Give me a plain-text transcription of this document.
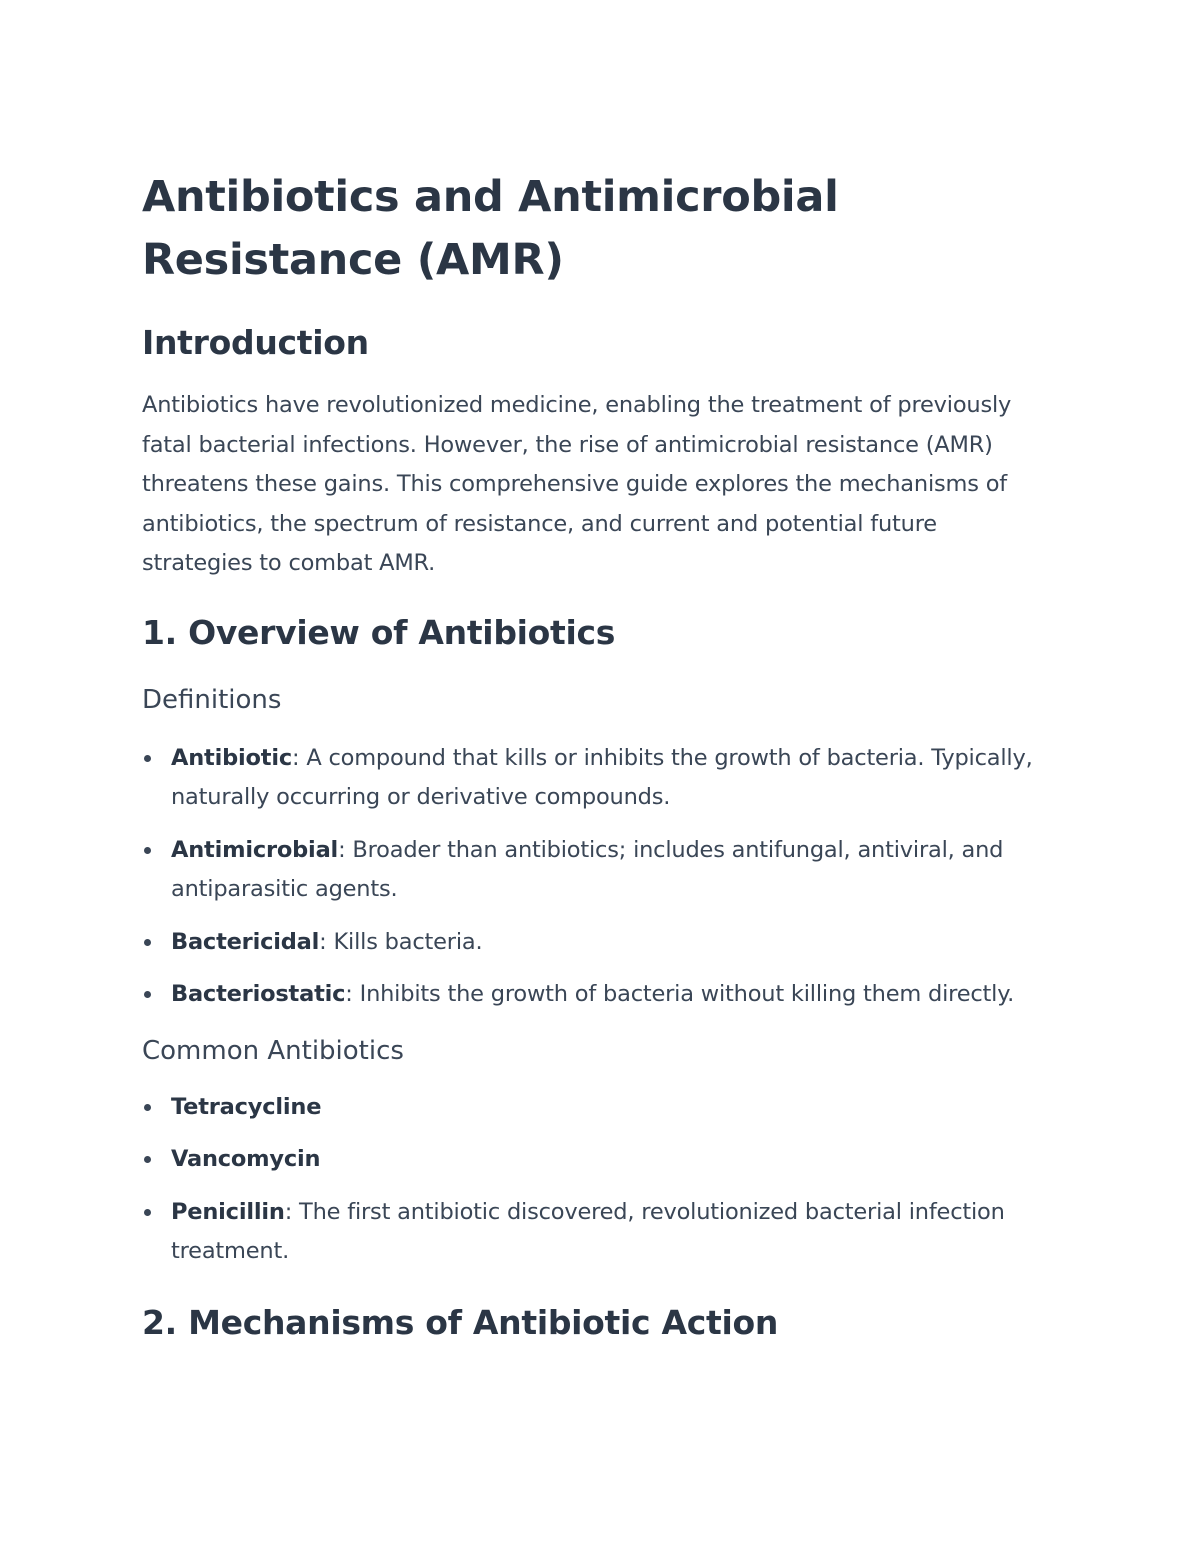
Antibiotics and Antimicrobial Resistance (AMR)
Introduction

Antibiotics have revolutionized medicine, enabling the treatment of previously fatal bacterial infections. However, the rise of antimicrobial resistance (AMR) threatens these gains. This comprehensive guide explores the mechanisms of antibiotics, the spectrum of resistance, and current and potential future strategies to combat AMR.

1. Overview of Antibiotics
Definitions
Antibiotic: A compound that kills or inhibits the growth of bacteria. Typically, naturally occurring or derivative compounds.
Antimicrobial: Broader than antibiotics; includes antifungal, antiviral, and antiparasitic agents.
Bactericidal: Kills bacteria.
Bacteriostatic: Inhibits the growth of bacteria without killing them directly.
Common Antibiotics
Tetracycline
Vancomycin
Penicillin: The first antibiotic discovered, revolutionized bacterial infection treatment.
2. Mechanisms of Antibiotic Action
